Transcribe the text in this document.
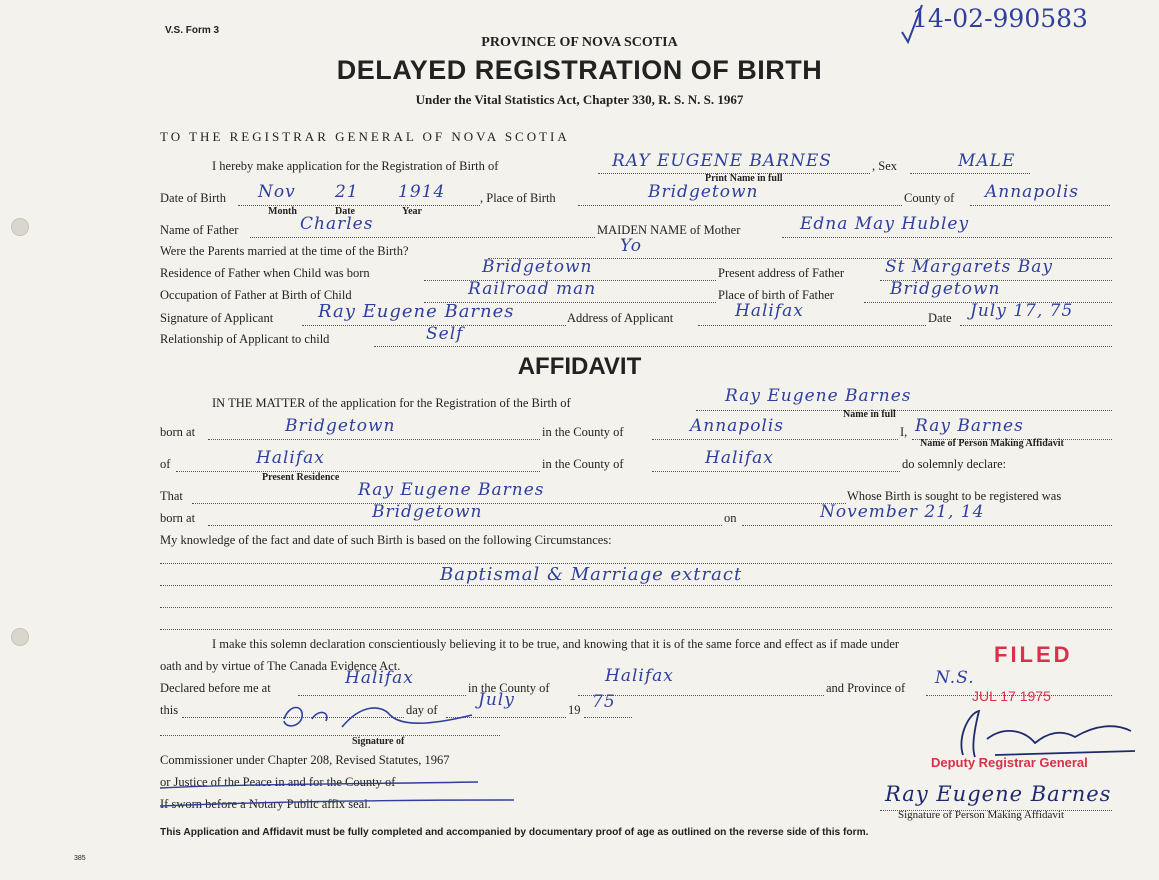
V.S. Form 3	14-02-990583
PROVINCE OF NOVA SCOTIA
DELAYED REGISTRATION OF BIRTH
Under the Vital Statistics Act, Chapter 330, R. S. N. S. 1967
TO THE REGISTRAR GENERAL OF NOVA SCOTIA
I hereby make application for the Registration of Birth of	RAY EUGENE BARNES
Print Name in full
, Sex	MALE
Date of Birth Nov 21 1914
Month	Date	Year
, Place of Birth	Bridgetown	County of Annapolis
Name of Father	Charles	MAIDEN NAME of Mother	Edna May Hubley
Were the Parents married at the time of the Birth?	Yo
Residence of Father when Child was born	Bridgetown	Present address of Father St Margarets Bay
Occupation of Father at Birth of Child	Railroad man	Place of birth of Father	Bridgetown
Signature of Applicant Ray Eugene Barnes	Address of Applicant	Halifax	Date July 17, 75
Relationship of Applicant to child	Self
AFFIDAVIT
IN THE MATTER of the application for the Registration of the Birth of	Ray Eugene Barnes
Name in full
born at	Bridgetown	in the County of	Annapolis	I, Ray Barnes
Name of Person Making Affidavit
of	Halifax
Present Residence
in the County of	Halifax	do solemnly declare:
That	Ray Eugene Barnes	Whose Birth is sought to be registered was
born at	Bridgetown	on	November 21, 14
My knowledge of the fact and date of such Birth is based on the following Circumstances:
Baptismal & Marriage extract
I make this solemn declaration conscientiously believing it to be true, and knowing that it is of the same force and effect as if made under
oath and by virtue of The Canada Evidence Act.
Declared before me at	Halifax	in the County of
Halifax
and Province of N.S.
this	day of July	19 75
Signature of
Commissioner under Chapter 208, Revised Statutes, 1967
or Justice of the Peace in and for the County of
If sworn before a Notary Public affix seal.
FILED
JUL 17 1975
Deputy Registrar General
Ray Eugene Barnes
Signature of Person Making Affidavit
This Application and Affidavit must be fully completed and accompanied by documentary proof of age as outlined on the reverse side of this form.
385
